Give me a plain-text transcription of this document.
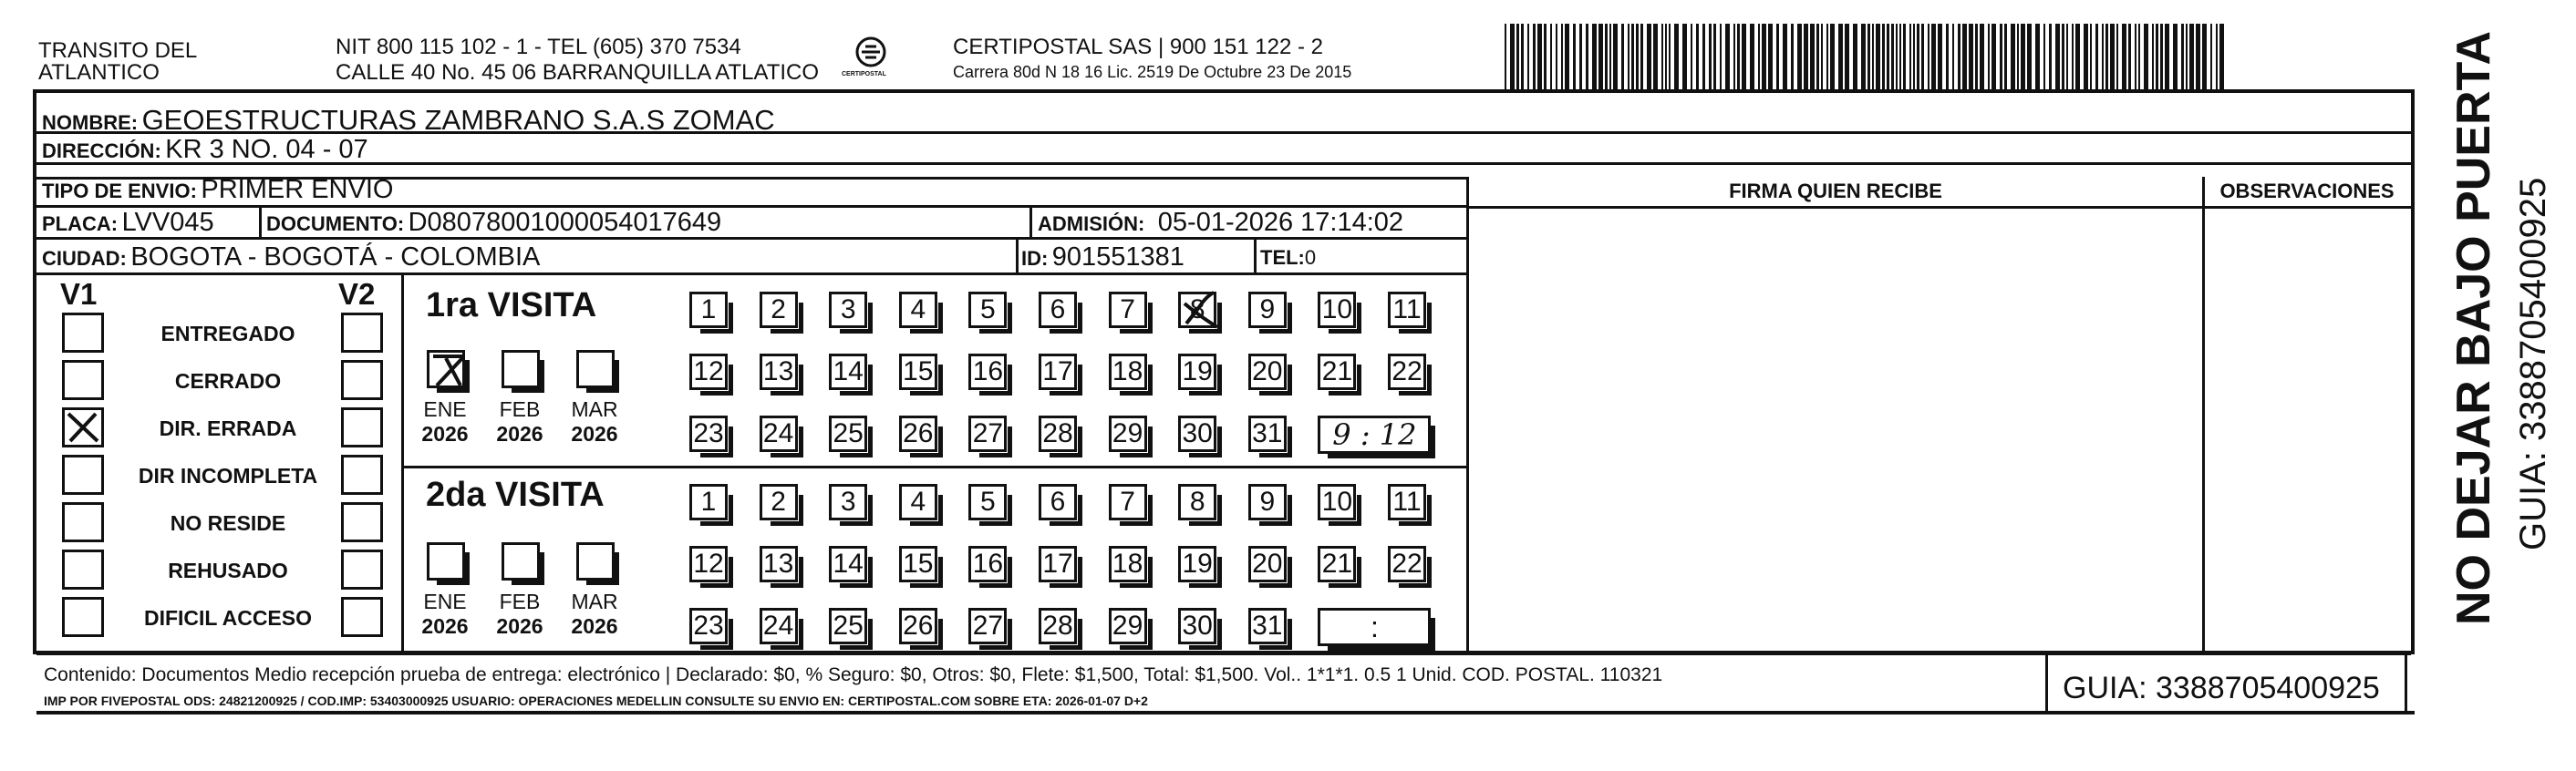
TRANSITO DEL
ATLANTICO
NIT 800 115 102 - 1 - TEL (605) 370 7534
CALLE 40 No. 45 06 BARRANQUILLA ATLATICO	CERTIPOSTAL
CERTIPOSTAL SAS | 900 151 122 - 2
Carrera 80d N 18 16 Lic. 2519 De Octubre 23 De 2015
NOMBRE: GEOESTRUCTURAS ZAMBRANO S.A.S ZOMAC
DIRECCIÓN: KR 3 NO. 04 - 07
TIPO DE ENVIO: PRIMER ENVIO
PLACA: LVV045	DOCUMENTO: D0807800100005401764​9	ADMISIÓN: 05-01-2026 17:14:02
CIUDAD: BOGOTA - BOGOTÁ - COLOMBIA	ID: 901551381	TEL:0
FIRMA QUIEN RECIBE	OBSERVACIONES
V1	V2
ENTREGADO
CERRADO
DIR. ERRADA
DIR INCOMPLETA
NO RESIDE
REHUSADO
DIFICIL ACCESO
1ra VISITA
2da VISITA
ENE
2026
FEB
2026
MAR
2026
1 2 3 4 5 6 7 8 9 10 11
12 13 14 15 16 17 18 19 20 21 22
23 24 25 26 27 28 29 30 31 9 : 12
ENE
2026
FEB
2026
MAR
2026
1 2 3 4 5 6 7 8 9 10 11
12 13 14 15 16 17 18 19 20 21 22
23 24 25 26 27 28 29 30 31	:
NO DEJAR BAJO PUERTA GUIA: 3388705400925
Contenido: Documentos Medio recepción prueba de entrega: electrónico | Declarado: $0, % Seguro: $0, Otros: $0, Flete: $1,500, Total: $1,500. Vol.. 1*1*1. 0.5 1 Unid. COD. POSTAL. 110321
IMP POR FIVEPOSTAL ODS: 24821200925 / COD.IMP: 53403000925 USUARIO: OPERACIONES MEDELLIN CONSULTE SU ENVIO EN: CERTIPOSTAL.COM SOBRE ETA: 2026-01-07 D+2	GUIA: 3388705400925
